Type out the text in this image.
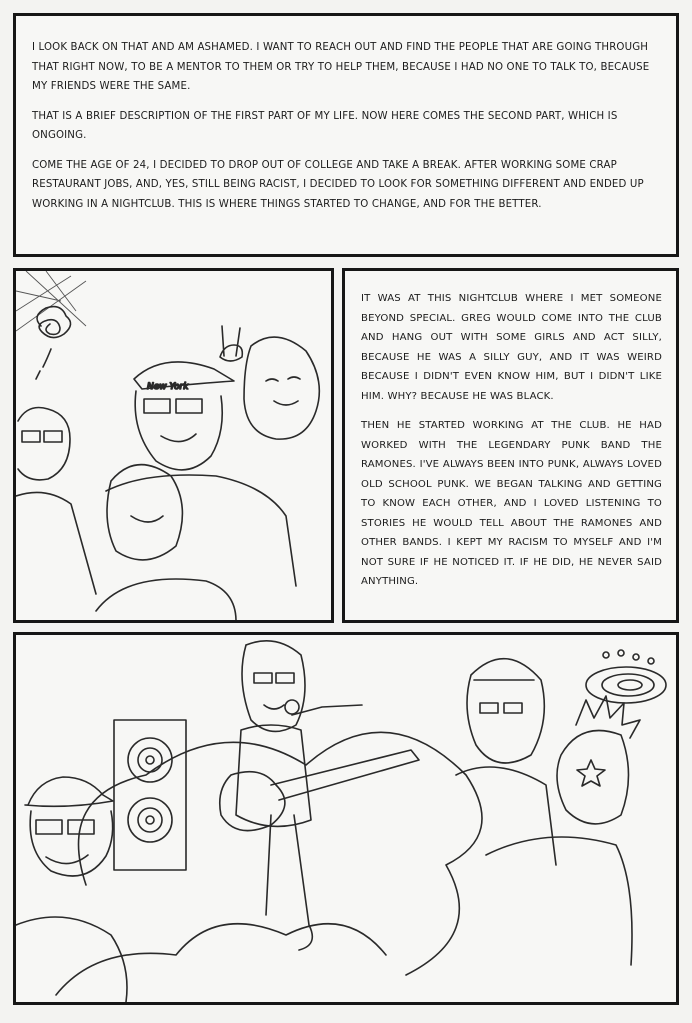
I LOOK BACK ON THAT AND AM ASHAMED. I WANT TO REACH OUT AND FIND THE PEOPLE THAT ARE GOING THROUGH THAT RIGHT NOW, TO BE A MENTOR TO THEM OR TRY TO HELP THEM, BECAUSE I HAD NO ONE TO TALK TO, BECAUSE MY FRIENDS WERE THE SAME.

THAT IS A BRIEF DESCRIPTION OF THE FIRST PART OF MY LIFE. NOW HERE COMES THE SECOND PART, WHICH IS ONGOING.

COME THE AGE OF 24, I DECIDED TO DROP OUT OF COLLEGE AND TAKE A BREAK. AFTER WORKING SOME CRAP RESTAURANT JOBS, AND, YES, STILL BEING RACIST, I DECIDED TO LOOK FOR SOMETHING DIFFERENT AND ENDED UP WORKING IN A NIGHTCLUB. THIS IS WHERE THINGS STARTED TO CHANGE, AND FOR THE BETTER.

New York

IT WAS AT THIS NIGHTCLUB WHERE I MET SOMEONE BEYOND SPECIAL. GREG WOULD COME INTO THE CLUB AND HANG OUT WITH SOME GIRLS AND ACT SILLY, BECAUSE HE WAS A SILLY GUY, AND IT WAS WEIRD BECAUSE I DIDN'T EVEN KNOW HIM, BUT I DIDN'T LIKE HIM. WHY? BECAUSE HE WAS BLACK.

THEN HE STARTED WORKING AT THE CLUB. HE HAD WORKED WITH THE LEGENDARY PUNK BAND THE RAMONES. I'VE ALWAYS BEEN INTO PUNK, ALWAYS LOVED OLD SCHOOL PUNK. WE BEGAN TALKING AND GETTING TO KNOW EACH OTHER, AND I LOVED LISTENING TO STORIES HE WOULD TELL ABOUT THE RAMONES AND OTHER BANDS. I KEPT MY RACISM TO MYSELF AND I'M NOT SURE IF HE NOTICED IT. IF HE DID, HE NEVER SAID ANYTHING.
